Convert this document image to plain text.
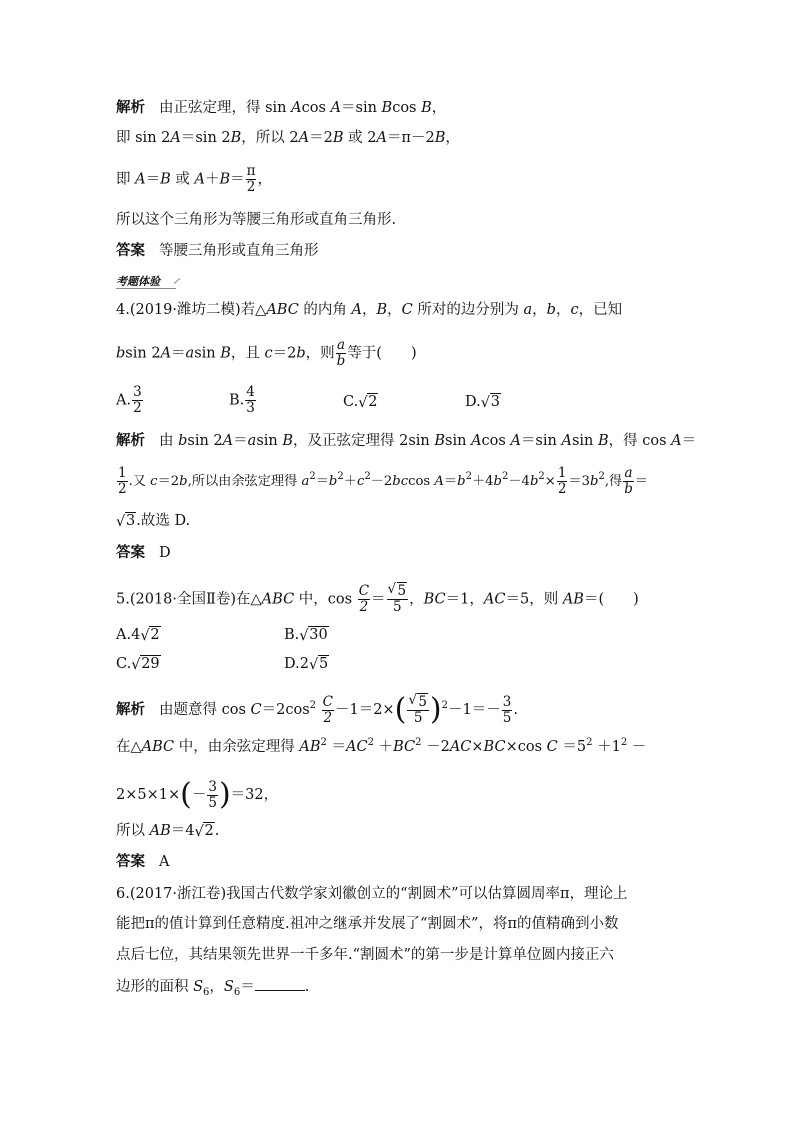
解析 由正弦定理，得 sin Acos A＝sin Bcos B，
即 sin 2A＝sin 2B，所以 2A＝2B 或 2A＝π－2B，
即 A＝B 或 $A+B= \frac{\pi}{2}$ ，
所以这个三角形为等腰三角形或直角三角形.
答案 等腰三角形或直角三角形
考题体验
4.(2019·潍坊二模)若△ABC 的内角 A，B，C 所对的边分别为 a，b，c，已知
bsin 2A＝asin B，且 c＝2b，则 $\frac{a}{b}$ 等于(　　)
A. $\frac{3}{2}$	B. $\frac{4}{3}$	C. √ 2	D. √ 3
解析 由 bsin 2A＝asin B，及正弦定理得 2sin Bsin Acos A＝sin Asin B，得 cos A＝
$\frac{1}{2}$ .又 c＝2b,所以由余弦定理得 $a^2=b^2+c^2-2bccos$ $A=b^2+4b^2-4b^2\times \frac{1}{2} =3b^2$,得 $\frac{a}{b}$ ＝
√ 3.故选 D.
答案 D
5.(2018·全国Ⅱ卷)在△ABC 中，$\cos \frac{C}{2}$ ＝ √ $\frac{5}{5}$ ，BC＝1，AC＝5，则 AB＝(　　)
A.4 √ 2	B. √ 30
C. √ 29	D.2 √ 5
解析 由题意得 $\cos C=2\cos^2 \frac{C}{2} -1=2\times$( √ $\frac{5}{5} )^2-1=- \frac{3}{5}$ .
在△ABC 中，由余弦定理得 $AB^2 =AC^2 +BC^2 -2AC\times BC\times\cos$ $C =5^2 +1^2$ －
$2\times 5\times 1\times(- \frac{3}{5} )=32$，
所以 AB＝4 √ 2.
答案 A
6.(2017·浙江卷)我国古代数学家刘徽创立的“割圆术”可以估算圆周率π，理论上
能把π的值计算到任意精度.祖冲之继承并发展了“割圆术”，将π的值精确到小数
点后七位，其结果领先世界一千多年.“割圆术”的第一步是计算单位圆内接正六
边形的面积 $S_6$，$S_6=$	.
